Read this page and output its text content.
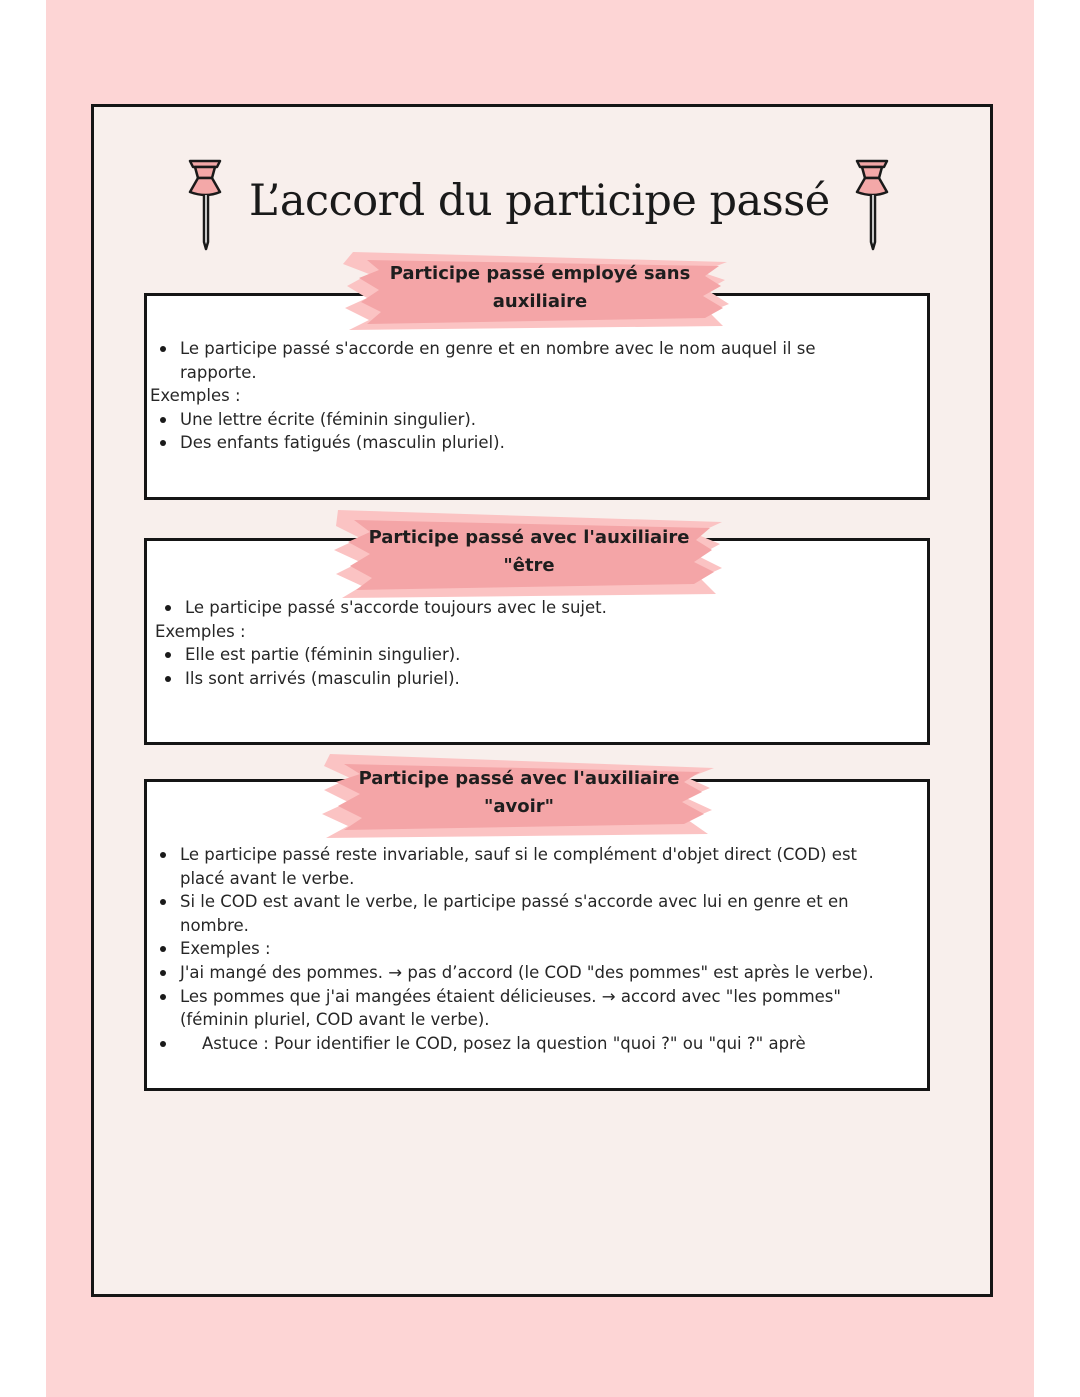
L’accord du participe passé
Participe passé employé sans
auxiliaire
Participe passé avec l'auxiliaire
"être
Participe passé avec l'auxiliaire
"avoir"
Le participe passé s'accorde en genre et en nombre avec le nom auquel il se
rapporte.
Exemples :
Une lettre écrite (féminin singulier).
Des enfants fatigués (masculin pluriel).
Le participe passé s'accorde toujours avec le sujet.
Exemples :
Elle est partie (féminin singulier).
Ils sont arrivés (masculin pluriel).
Le participe passé reste invariable, sauf si le complément d'objet direct (COD) est
placé avant le verbe.
Si le COD est avant le verbe, le participe passé s'accorde avec lui en genre et en
nombre.
Exemples :
J'ai mangé des pommes. → pas d’accord (le COD "des pommes" est après le verbe).
Les pommes que j'ai mangées étaient délicieuses. → accord avec "les pommes"
(féminin pluriel, COD avant le verbe).
Astuce : Pour identifier le COD, posez la question "quoi ?" ou "qui ?" aprè
